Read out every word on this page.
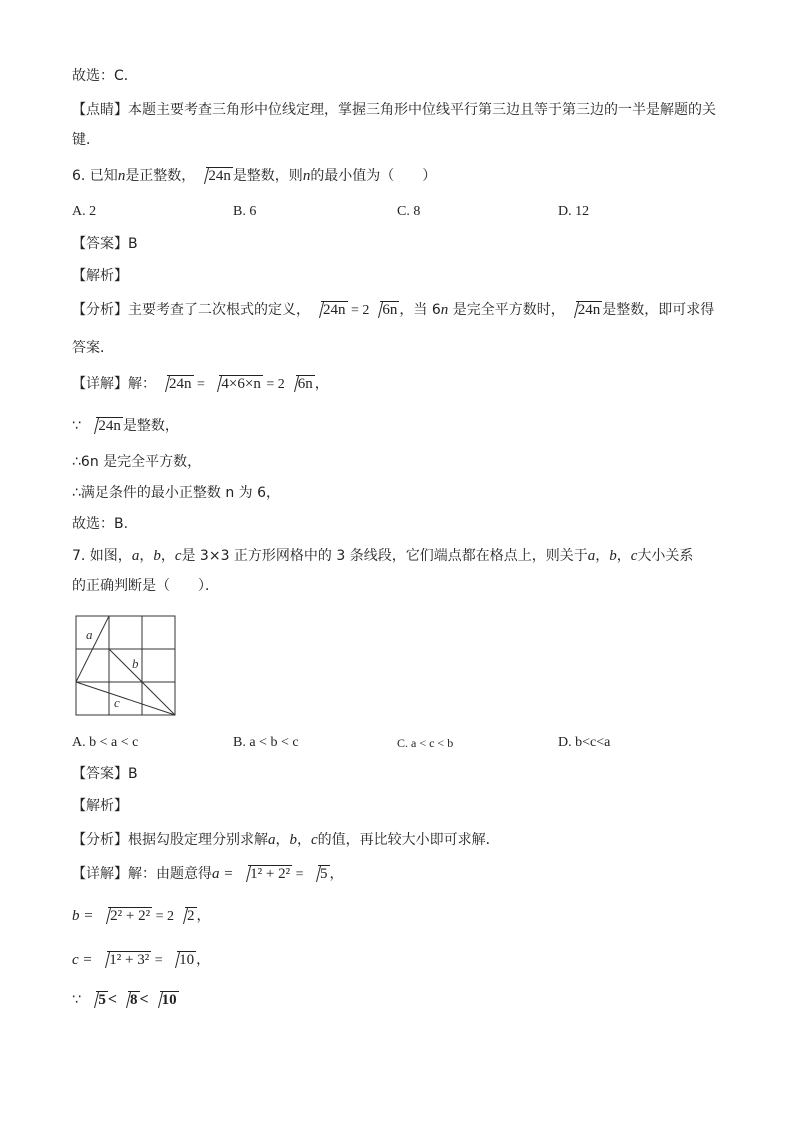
故选：C．
【点睛】本题主要考查三角形中位线定理，掌握三角形中位线平行第三边且等于第三边的一半是解题的关
键．
6. 已知n是正整数， 24n 是整数，则n的最小值为（　　）
A. 2	B. 6	C. 8	D. 12
【答案】B
【解析】
【分析】主要考查了二次根式的定义， 24n = 2 6n ，当 6n 是完全平方数时， 24n 是整数，即可求得
答案．
【详解】解： 24n = 4×6×n = 2 6n ，
∵ 24n 是整数，
∴6n 是完全平方数，
∴满足条件的最小正整数 n 为 6，
故选：B.
7. 如图，a，b，c是 3×3 正方形网格中的 3 条线段，它们端点都在格点上，则关于a，b，c大小关系
的正确判断是（　　）．
a
b
c
A. b < a < c	B. a < b < c	C. a < c < b	D. b<c<a
【答案】B
【解析】
【分析】根据勾股定理分别求解a，b，c的值，再比较大小即可求解．
【详解】解：由题意得a = 1² + 2² = 5 ，
b = 2² + 2² = 2 2 ，
c = 1² + 3² = 10 ，
∵ 5 < 8 < 10
